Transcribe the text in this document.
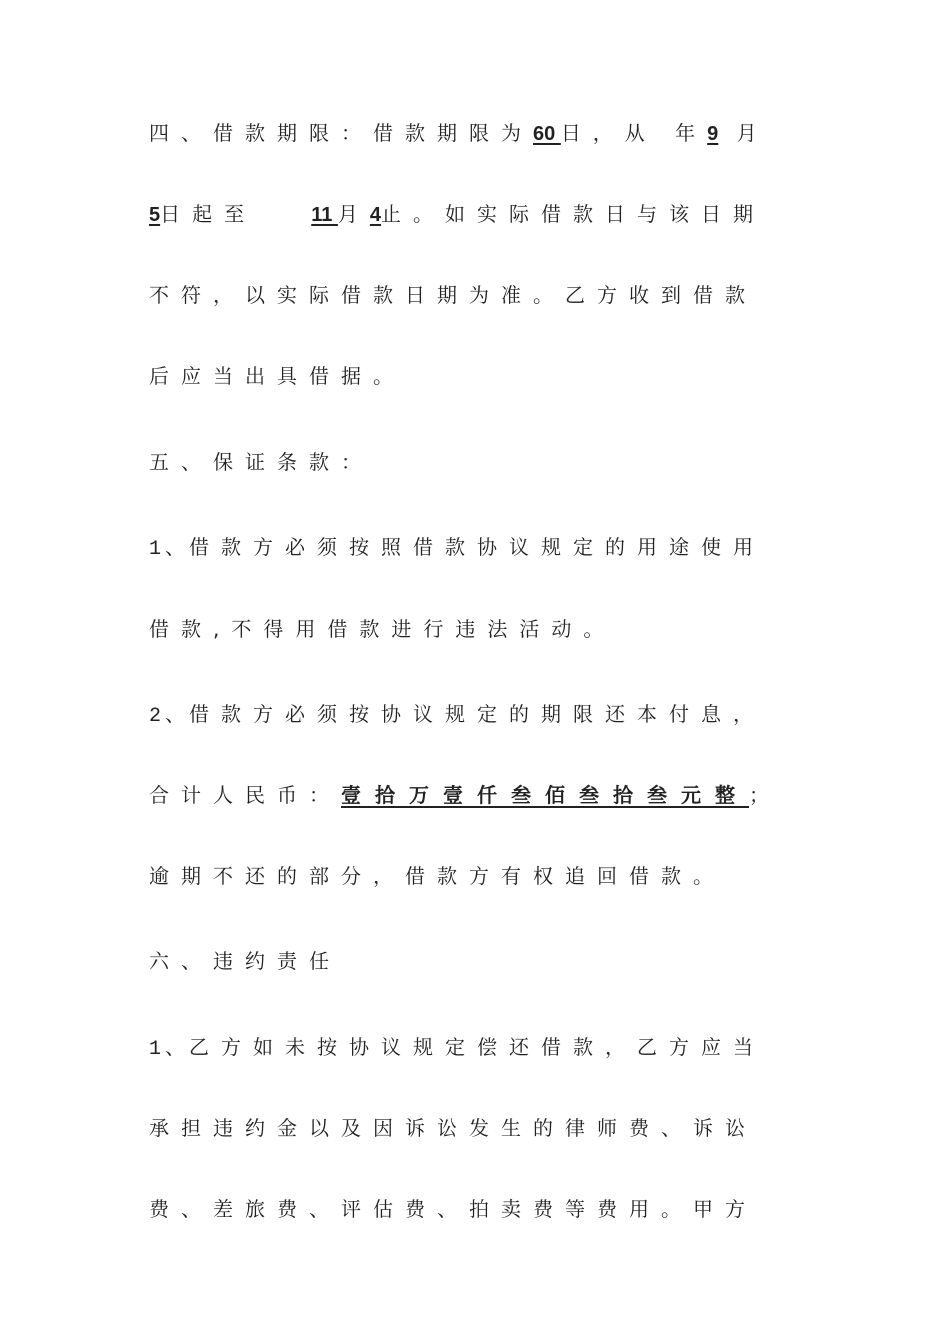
四、借款期限：借款期限为60 日，从 年9 月
5日起至   11 月4止。如实际借款日与该日期
不符，以实际借款日期为准。乙方收到借款
后应当出具借据。
五、保证条款：
1、借款方必须按照借款协议规定的用途使用
借款,不得用借款进行违法活动。
2、借款方必须按协议规定的期限还本付息，
合计人民币：壹拾万壹仟叁佰叁拾叁元整；
逾期不还的部分，借款方有权追回借款。
六、违约责任
1、乙方如未按协议规定偿还借款，乙方应当
承担违约金以及因诉讼发生的律师费、诉讼
费、差旅费、评估费、拍卖费等费用。甲方
